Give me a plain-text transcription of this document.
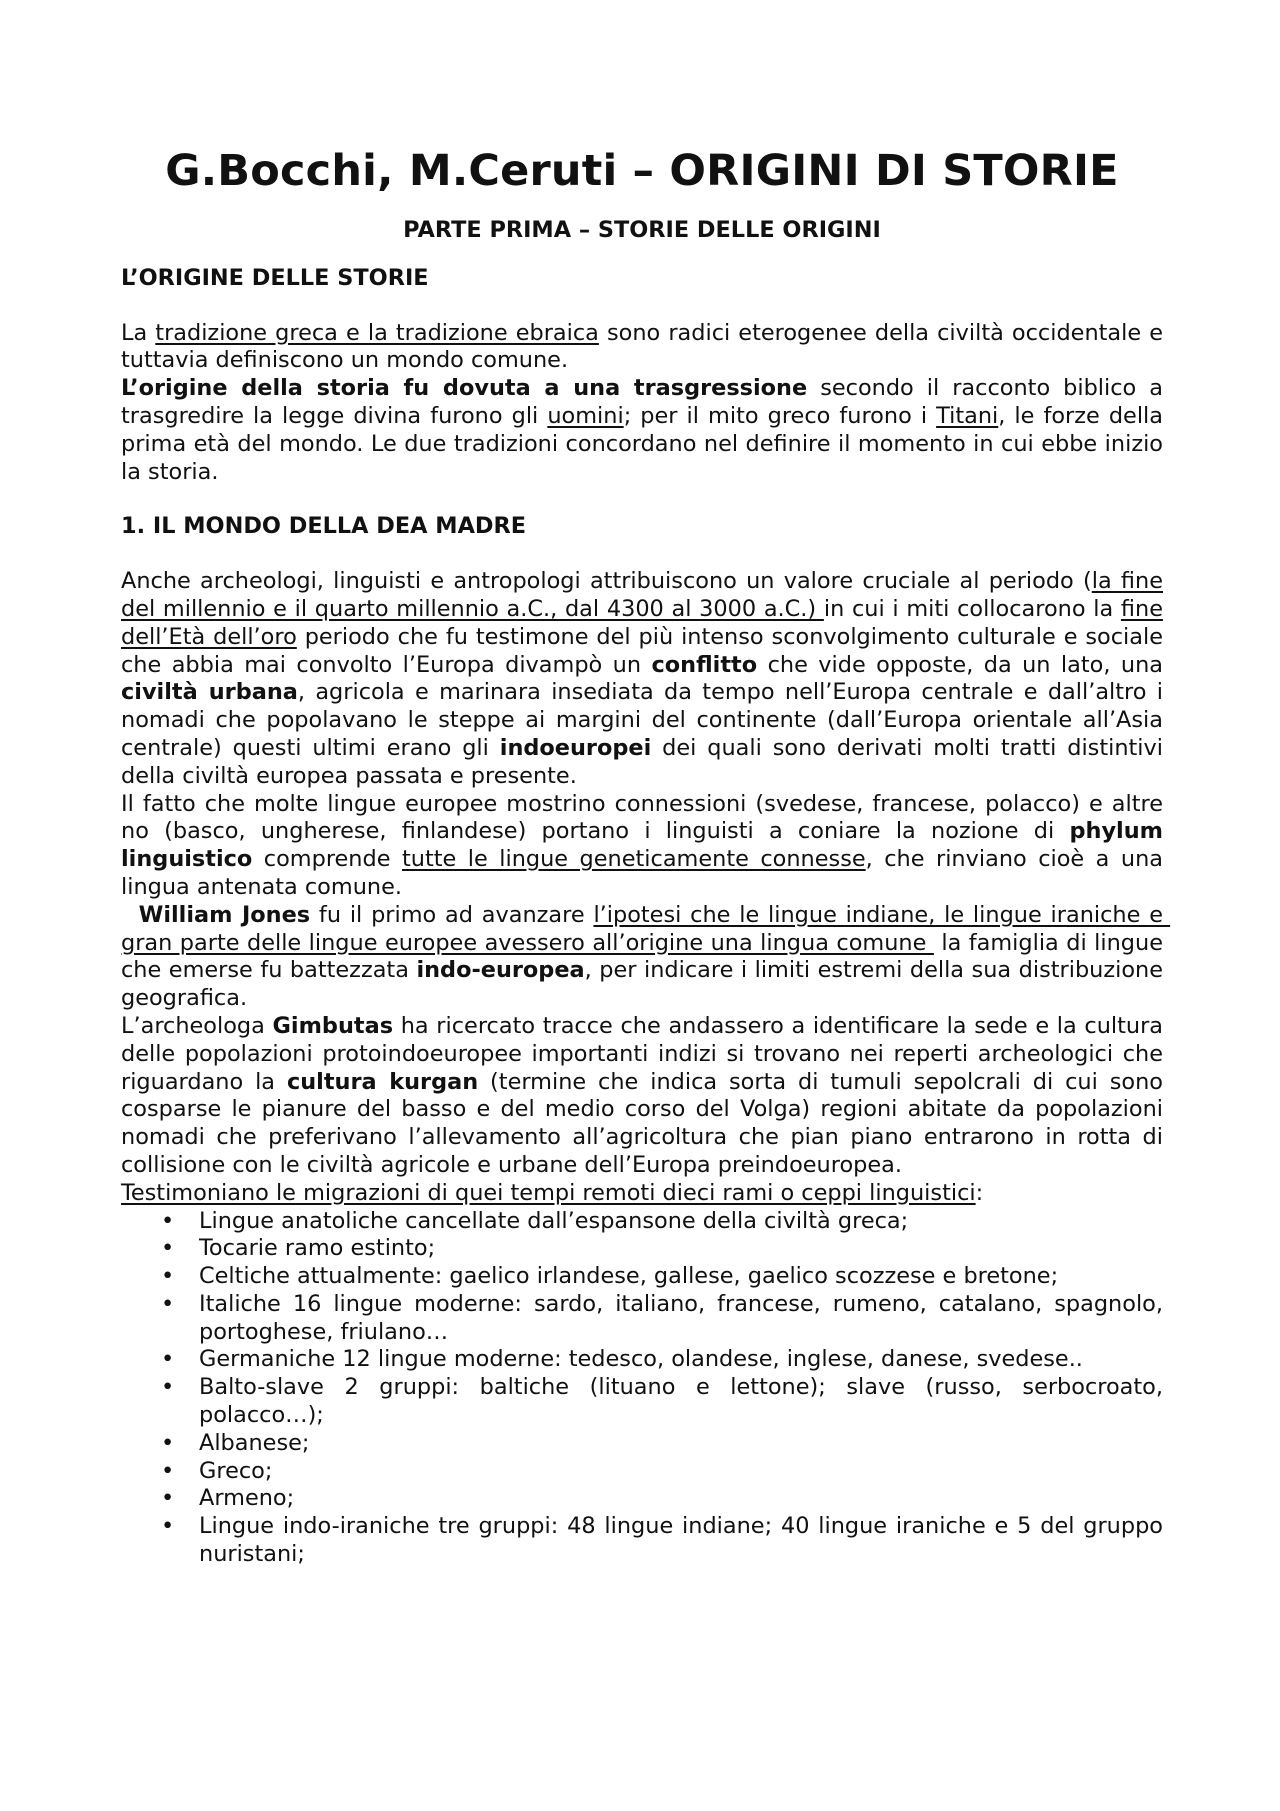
G.Bocchi, M.Ceruti – ORIGINI DI STORIE
PARTE PRIMA – STORIE DELLE ORIGINI
L’ORIGINE DELLE STORIE

La tradizione greca e la tradizione ebraica sono radici eterogenee della civiltà occidentale e tuttavia definiscono un mondo comune.

L’origine della storia fu dovuta a una trasgressione secondo il racconto biblico a trasgredire la legge divina furono gli uomini; per il mito greco furono i Titani, le forze della prima età del mondo. Le due tradizioni concordano nel definire il momento in cui ebbe inizio la storia.

1. IL MONDO DELLA DEA MADRE

Anche archeologi, linguisti e antropologi attribuiscono un valore cruciale al periodo (la fine del millennio e il quarto millennio a.C., dal 4300 al 3000 a.C.) in cui i miti collocarono la fine dell’Età dell’oro periodo che fu testimone del più intenso sconvolgimento culturale e sociale che abbia mai convolto l’Europa divampò un conflitto che vide opposte, da un lato, una civiltà urbana, agricola e marinara insediata da tempo nell’Europa centrale e dall’altro i nomadi che popolavano le steppe ai margini del continente (dall’Europa orientale all’Asia centrale) questi ultimi erano gli indoeuropei dei quali sono derivati molti tratti distintivi della civiltà europea passata e presente.

Il fatto che molte lingue europee mostrino connessioni (svedese, francese, polacco) e altre no (basco, ungherese, finlandese) portano i linguisti a coniare la nozione di phylum linguistico comprende tutte le lingue geneticamente connesse, che rinviano cioè a una lingua antenata comune.

William Jones fu il primo ad avanzare l’ipotesi che le lingue indiane, le lingue iraniche e gran parte delle lingue europee avessero all’origine una lingua comune  la famiglia di lingue che emerse fu battezzata indo-europea, per indicare i limiti estremi della sua distribuzione geografica.

L’archeologa Gimbutas ha ricercato tracce che andassero a identificare la sede e la cultura delle popolazioni protoindoeuropee importanti indizi si trovano nei reperti archeologici che riguardano la cultura kurgan (termine che indica sorta di tumuli sepolcrali di cui sono cosparse le pianure del basso e del medio corso del Volga) regioni abitate da popolazioni nomadi che preferivano l’allevamento all’agricoltura che pian piano entrarono in rotta di collisione con le civiltà agricole e urbane dell’Europa preindoeuropea.

Testimoniano le migrazioni di quei tempi remoti dieci rami o ceppi linguistici:

• Lingue anatoliche cancellate dall’espansone della civiltà greca;
• Tocarie ramo estinto;
• Celtiche attualmente: gaelico irlandese, gallese, gaelico scozzese e bretone;
• Italiche 16 lingue moderne: sardo, italiano, francese, rumeno, catalano, spagnolo, portoghese, friulano…
• Germaniche 12 lingue moderne: tedesco, olandese, inglese, danese, svedese..
• Balto-slave 2 gruppi: baltiche (lituano e lettone); slave (russo, serbocroato, polacco…);
• Albanese;
• Greco;
• Armeno;
• Lingue indo-iraniche tre gruppi: 48 lingue indiane; 40 lingue iraniche e 5 del gruppo nuristani;
